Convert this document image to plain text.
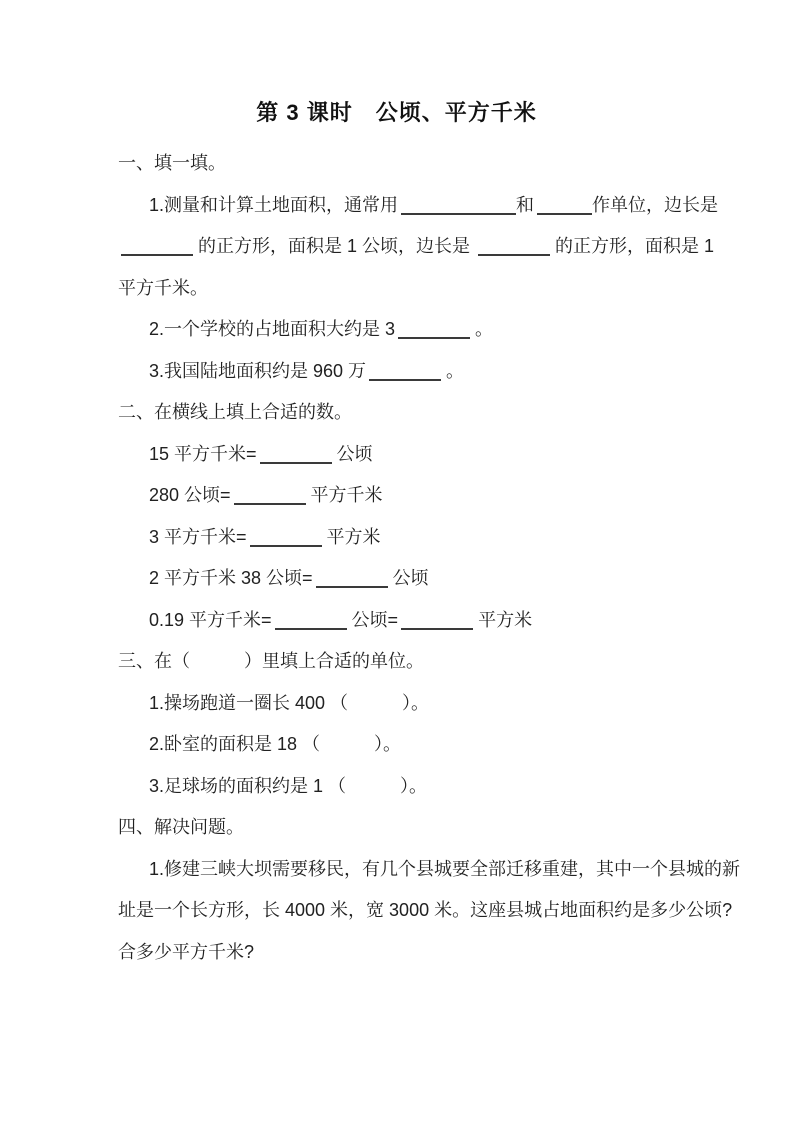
第 3 课时　公顷、平方千米
一、填一填。
1.测量和计算土地面积，通常用	和	作单位，边长是
的正方形，面积是 1 公顷，边长是	的正方形，面积是 1
平方千米。
2.一个学校的占地面积大约是 3	。
3.我国陆地面积约是 960 万	。
二、在横线上填上合适的数。
15 平方千米=	公顷
280 公顷=	平方千米
3 平方千米=	平方米
2 平方千米 38 公顷=	公顷
0.19 平方千米=	公顷=	平方米
三、在（　　　）里填上合适的单位。
1.操场跑道一圈长 400 （　　　）。
2.卧室的面积是 18 （　　　）。
3.足球场的面积约是 1 （　　　）。
四、解决问题。
1.修建三峡大坝需要移民，有几个县城要全部迁移重建，其中一个县城的新
址是一个长方形，长 4000 米，宽 3000 米。这座县城占地面积约是多少公顷?
合多少平方千米?
